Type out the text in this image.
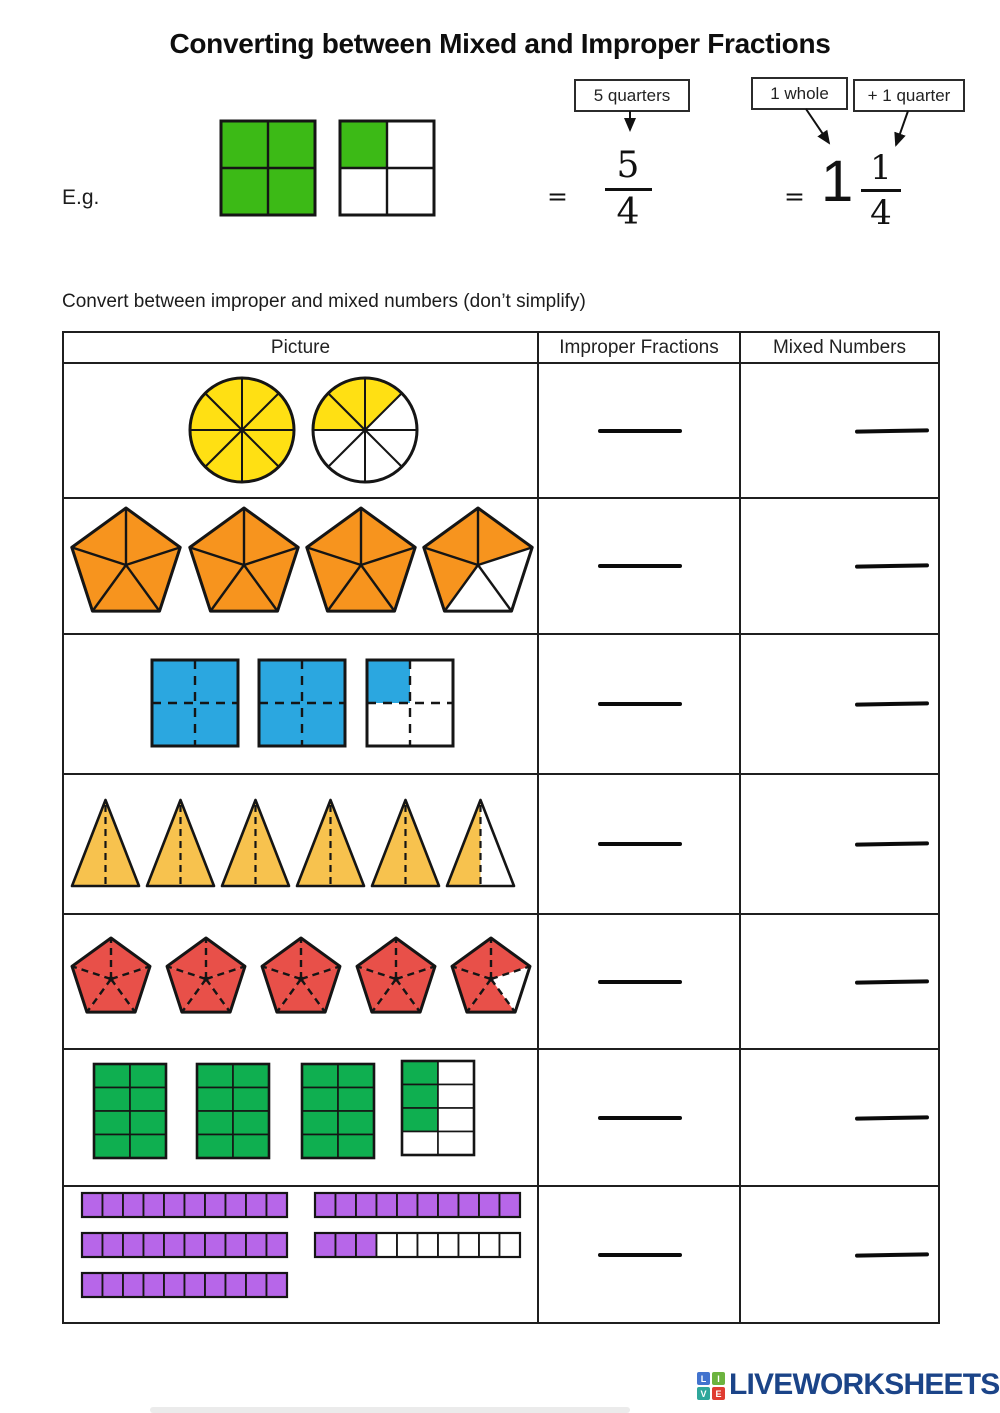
Converting between Mixed and Improper Fractions
5 quarters	1 whole + 1 quarter
E.g.	=
5
4	= 1 1
4
Convert between improper and mixed numbers (don’t simplify)
Picture	Improper Fractions	Mixed Numbers
L	I
V E LIVEWORKSHEETS
